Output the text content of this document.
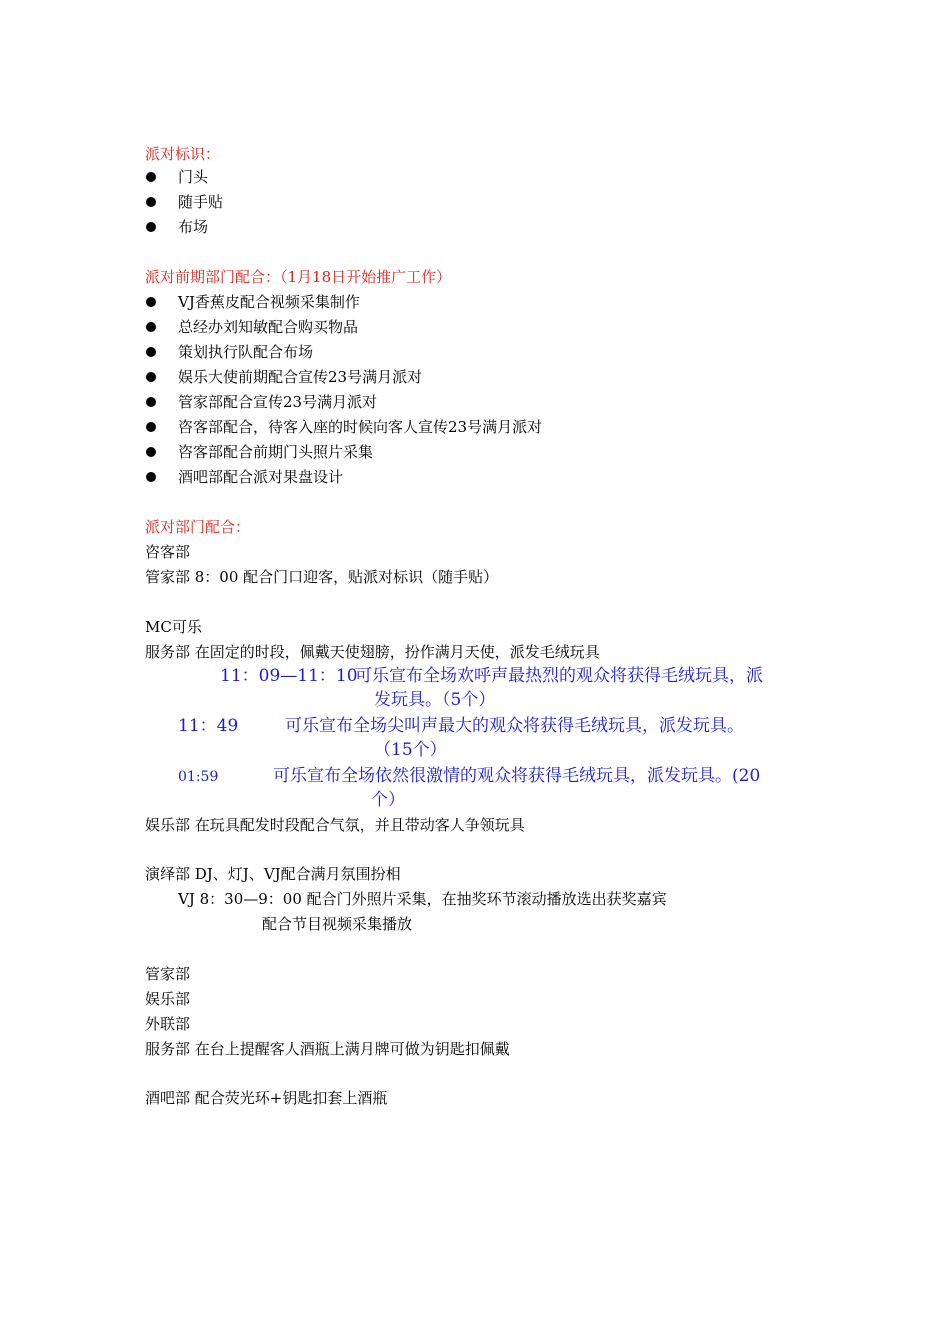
派对标识：
门头
随手贴
布场
派对前期部门配合：（1月18日开始推广工作）
VJ香蕉皮配合视频采集制作
总经办刘知敏配合购买物品
策划执行队配合布场
娱乐大使前期配合宣传23号满月派对
管家部配合宣传23号满月派对
咨客部配合，待客入座的时候向客人宣传23号满月派对
咨客部配合前期门头照片采集
酒吧部配合派对果盘设计
派对部门配合：
咨客部
管家部 8：00 配合门口迎客，贴派对标识（随手贴）
MC可乐
服务部 在固定的时段，佩戴天使翅膀，扮作满月天使，派发毛绒玩具
11：09—11：10
可乐宣布全场欢呼声最热烈的观众将获得毛绒玩具，派
发玩具。（5个）
11：49	可乐宣布全场尖叫声最大的观众将获得毛绒玩具，派发玩具。
（15个）
01:59	可乐宣布全场依然很激情的观众将获得毛绒玩具，派发玩具。(20
个）
娱乐部 在玩具配发时段配合气氛，并且带动客人争领玩具
演绎部 DJ、灯J、VJ配合满月氛围扮相
VJ 8：30—9：00 配合门外照片采集，在抽奖环节滚动播放选出获奖嘉宾
配合节目视频采集播放
管家部
娱乐部
外联部
服务部 在台上提醒客人酒瓶上满月牌可做为钥匙扣佩戴
酒吧部 配合荧光环+钥匙扣套上酒瓶
